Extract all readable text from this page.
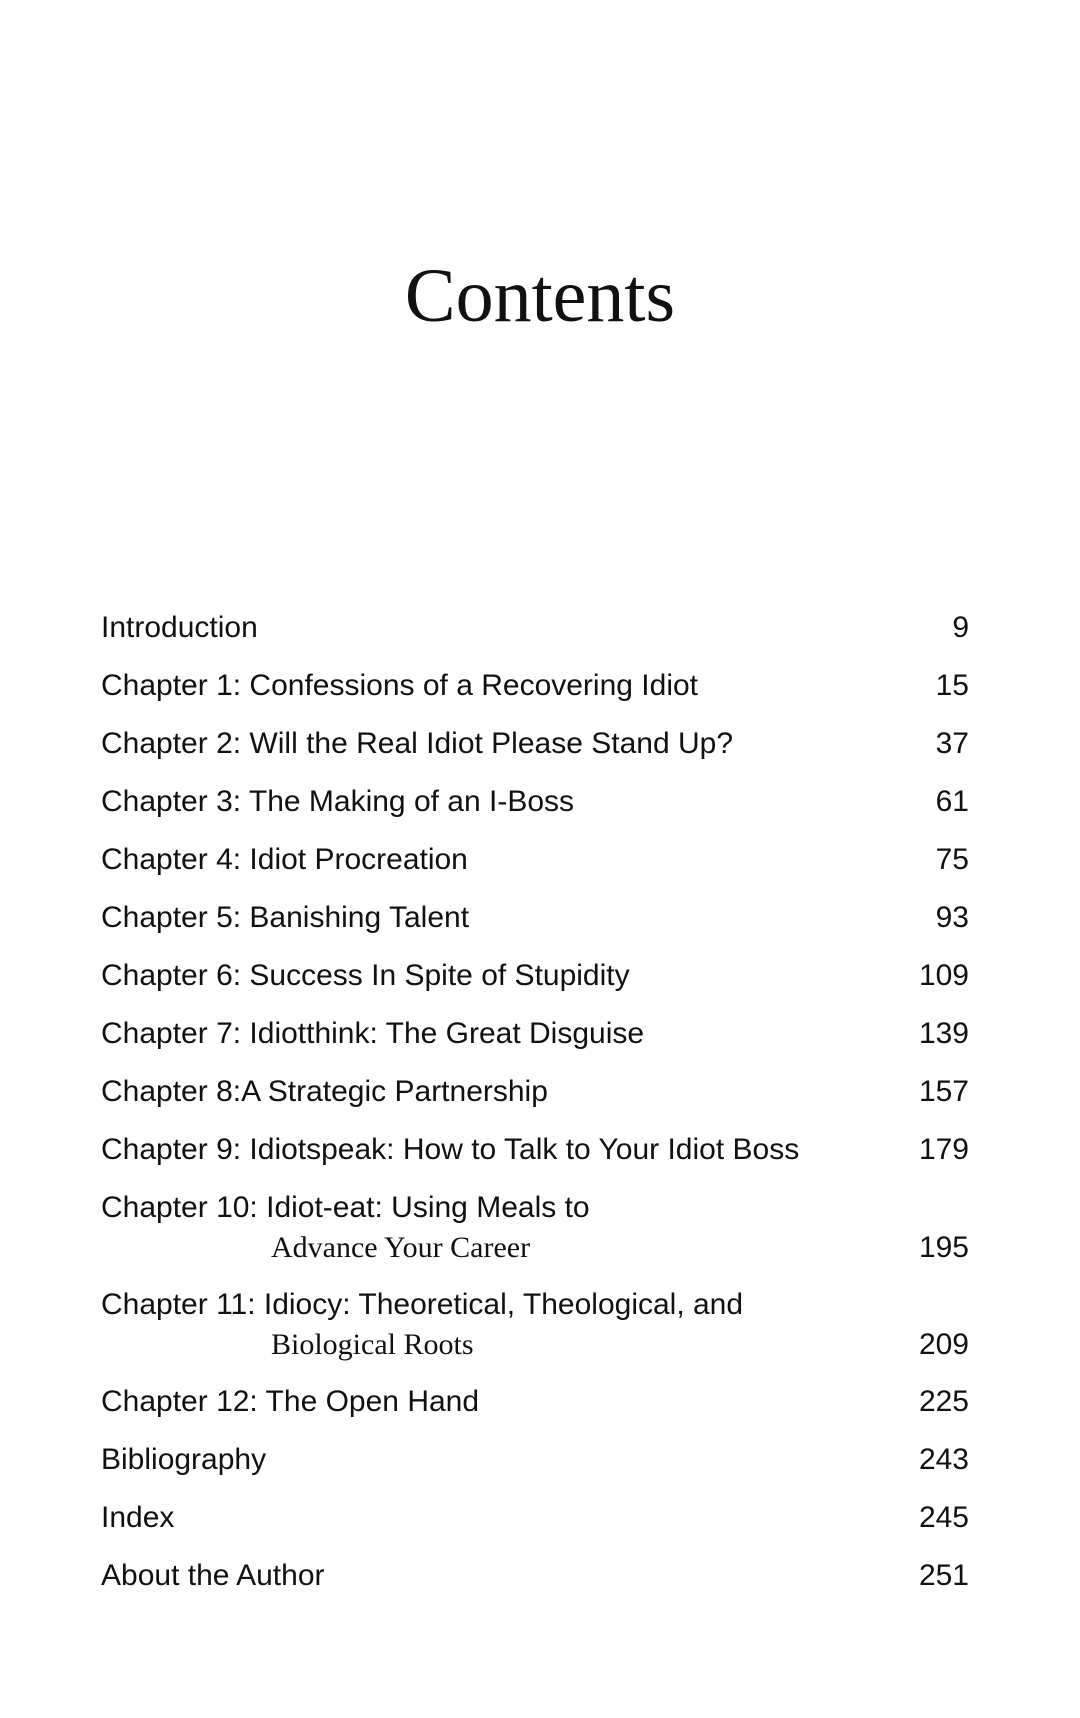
Contents
Introduction	9
Chapter 1: Confessions of a Recovering Idiot	15
Chapter 2: Will the Real Idiot Please Stand Up?	37
Chapter 3: The Making of an I-Boss	61
Chapter 4: Idiot Procreation	75
Chapter 5: Banishing Talent	93
Chapter 6: Success In Spite of Stupidity	109
Chapter 7: Idiotthink: The Great Disguise	139
Chapter 8:A Strategic Partnership	157
Chapter 9: Idiotspeak: How to Talk to Your Idiot Boss	179
Chapter 10: Idiot-eat: Using Meals to
Advance Your Career	195
Chapter 11: Idiocy: Theoretical, Theological, and
Biological Roots	209
Chapter 12: The Open Hand	225
Bibliography	243
Index	245
About the Author	251
